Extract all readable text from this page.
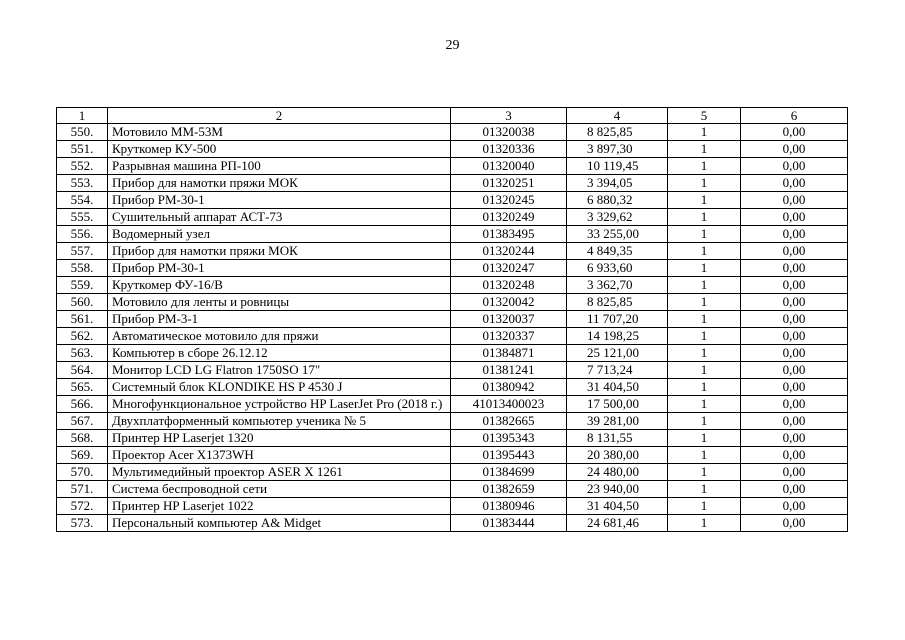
29
1	2	3	4	5	6
550.	Мотовило ММ-53М	01320038	8 825,85	1	0,00
551.	Круткомер КУ-500	01320336	3 897,30	1	0,00
552.	Разрывная машина РП-100	01320040	10 119,45	1	0,00
553.	Прибор для намотки пряжи МОК	01320251	3 394,05	1	0,00
554.	Прибор РМ-30-1	01320245	6 880,32	1	0,00
555.	Сушительный аппарат АСТ-73	01320249	3 329,62	1	0,00
556.	Водомерный узел	01383495	33 255,00	1	0,00
557.	Прибор для намотки пряжи МОК	01320244	4 849,35	1	0,00
558.	Прибор РМ-30-1	01320247	6 933,60	1	0,00
559.	Круткомер ФУ-16/В	01320248	3 362,70	1	0,00
560.	Мотовило для ленты и ровницы	01320042	8 825,85	1	0,00
561.	Прибор РМ-3-1	01320037	11 707,20	1	0,00
562.	Автоматическое мотовило для пряжи	01320337	14 198,25	1	0,00
563.	Компьютер в сборе 26.12.12	01384871	25 121,00	1	0,00
564.	Монитор LCD LG Flatron 1750SO 17"	01381241	7 713,24	1	0,00
565.	Системный блок KLONDIKE HS P 4530 J	01380942	31 404,50	1	0,00
566.	Многофункциональное устройство HP LaserJet Pro (2018 г.)	41013400023	17 500,00	1	0,00
567.	Двухплатформенный компьютер ученика № 5	01382665	39 281,00	1	0,00
568.	Принтер HP Laserjet 1320	01395343	8 131,55	1	0,00
569.	Проектор Acer X1373WH	01395443	20 380,00	1	0,00
570.	Мультимедийный проектор ASER X 1261	01384699	24 480,00	1	0,00
571.	Система беспроводной сети	01382659	23 940,00	1	0,00
572.	Принтер HP Laserjet 1022	01380946	31 404,50	1	0,00
573.	Персональный компьютер A& Midget	01383444	24 681,46	1	0,00
